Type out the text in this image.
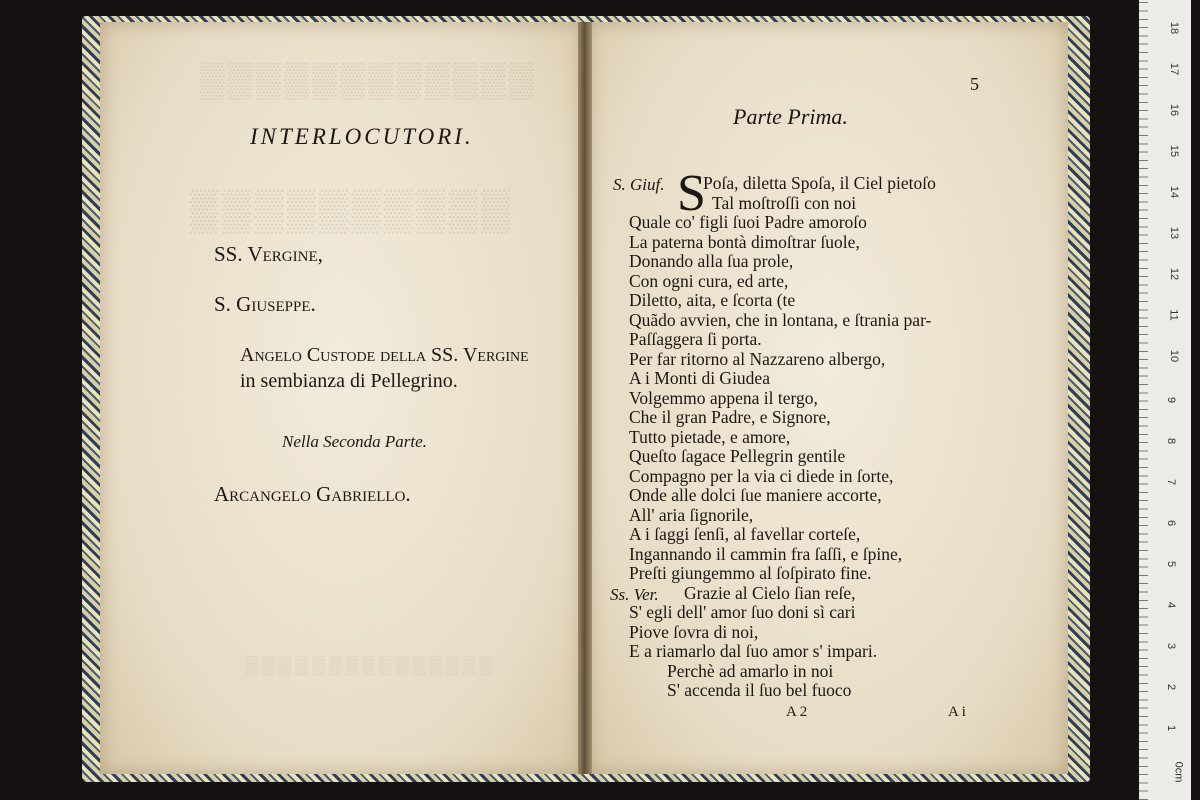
▒▒▒▒▒▒▒▒▒▒▒▒
▒▒▒▒▒▒▒▒▒▒
▒▒▒▒▒▒▒▒▒▒▒▒▒▒▒
INTERLOCUTORI.
SS. Vergine,
S. Giuseppe.
Angelo Custode della SS. Vergine
in sembianza di Pellegrino.
Nella Seconda Parte.
Arcangelo Gabriello.
5
Parte Prima.
S. Giuf. S
Ss. Ver.
Poſa, diletta Spoſa, il Ciel pietoſo
Tal moſtroſſi con noi
Quale co' figli ſuoi Padre amoroſo
La paterna bontà dimoſtrar ſuole,
Donando alla ſua prole,
Con ogni cura, ed arte,
Diletto, aita, e ſcorta (te
Quãdo avvien, che in lontana, e ſtrania par-
Paſſaggera ſi porta.
Per far ritorno al Nazzareno albergo,
A i Monti di Giudea
Volgemmo appena il tergo,
Che il gran Padre, e Signore,
Tutto pietade, e amore,
Queſto ſagace Pellegrin gentile
Compagno per la via ci diede in ſorte,
Onde alle dolci ſue maniere accorte,
All' aria ſignorile,
A i ſaggi ſenſi, al favellar corteſe,
Ingannando il cammin fra ſaſſi, e ſpine,
Preſti giungemmo al ſoſpirato fine.
Grazie al Cielo ſian reſe,
S' egli dell' amor ſuo doni sì cari
Piove ſovra di noi,
E a riamarlo dal ſuo amor s' impari.
Perchè ad amarlo in noi
S' accenda il ſuo bel fuoco
A 2	A i
18
17
16
15
14
13
12
11
10
9
8
7
6
5
4
3
2
1
0cm
